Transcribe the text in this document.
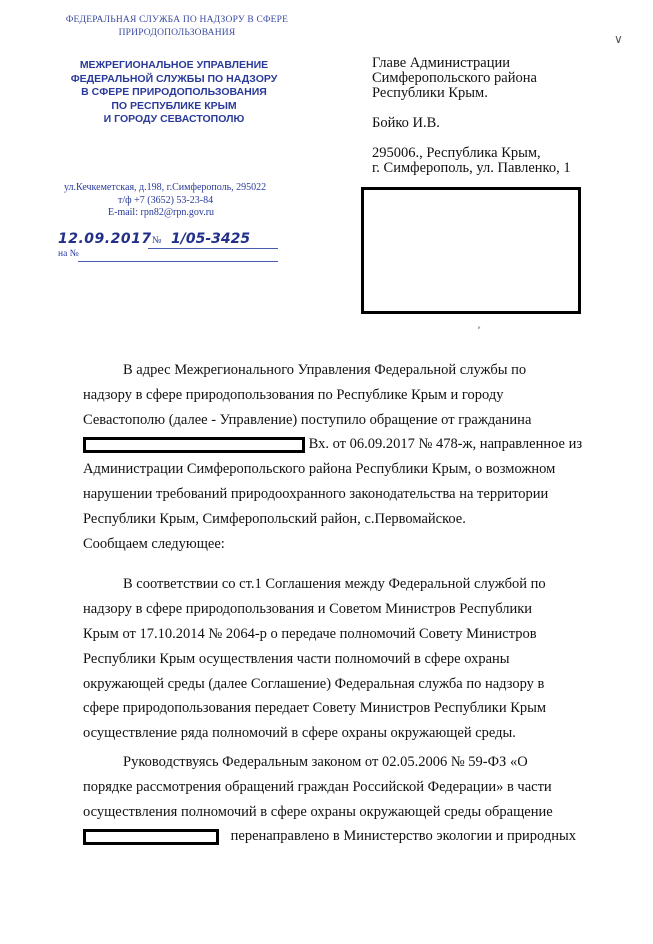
ФЕДЕРАЛЬНАЯ СЛУЖБА ПО НАДЗОРУ В СФЕРЕ
ПРИРОДОПОЛЬЗОВАНИЯ
МЕЖРЕГИОНАЛЬНОЕ УПРАВЛЕНИЕ
ФЕДЕРАЛЬНОЙ СЛУЖБЫ ПО НАДЗОРУ
В СФЕРЕ ПРИРОДОПОЛЬЗОВАНИЯ
ПО РЕСПУБЛИКЕ КРЫМ
И ГОРОДУ СЕВАСТОПОЛЮ
ул.Кечкеметская, д.198, г.Симферополь, 295022
т/ф +7 (3652) 53-23-84
E-mail: rpn82@rpn.gov.ru
12.09.2017 № 1/05-3425
на №
∨
Главе Администрации
Симферопольского района
Республики Крым.
Бойко И.В.
295006., Республика Крым,
г. Симферополь, ул. Павленко, 1
ₑ
В адрес Межрегионального Управления Федеральной службы по
надзору в сфере природопользования по Республике Крым и городу
Севастополю (далее - Управление) поступило обращение от гражданина
Вх. от 06.09.2017 № 478-ж, направленное из
Администрации Симферопольского района Республики Крым, о возможном
нарушении требований природоохранного законодательства на территории
Республики Крым, Симферопольский район, с.Первомайское.
Сообщаем следующее:
В соответствии со ст.1 Соглашения между Федеральной службой по
надзору в сфере природопользования и Советом Министров Республики
Крым от 17.10.2014 № 2064-р о передаче полномочий Совету Министров
Республики Крым осуществления части полномочий в сфере охраны
окружающей среды (далее Соглашение) Федеральная служба по надзору в
сфере природопользования передает Совету Министров Республики Крым
осуществление ряда полномочий в сфере охраны окружающей среды.
Руководствуясь Федеральным законом от 02.05.2006 № 59-ФЗ «О
порядке рассмотрения обращений граждан Российской Федерации» в части
осуществления полномочий в сфере охраны окружающей среды обращение
перенаправлено в Министерство экологии и природных
